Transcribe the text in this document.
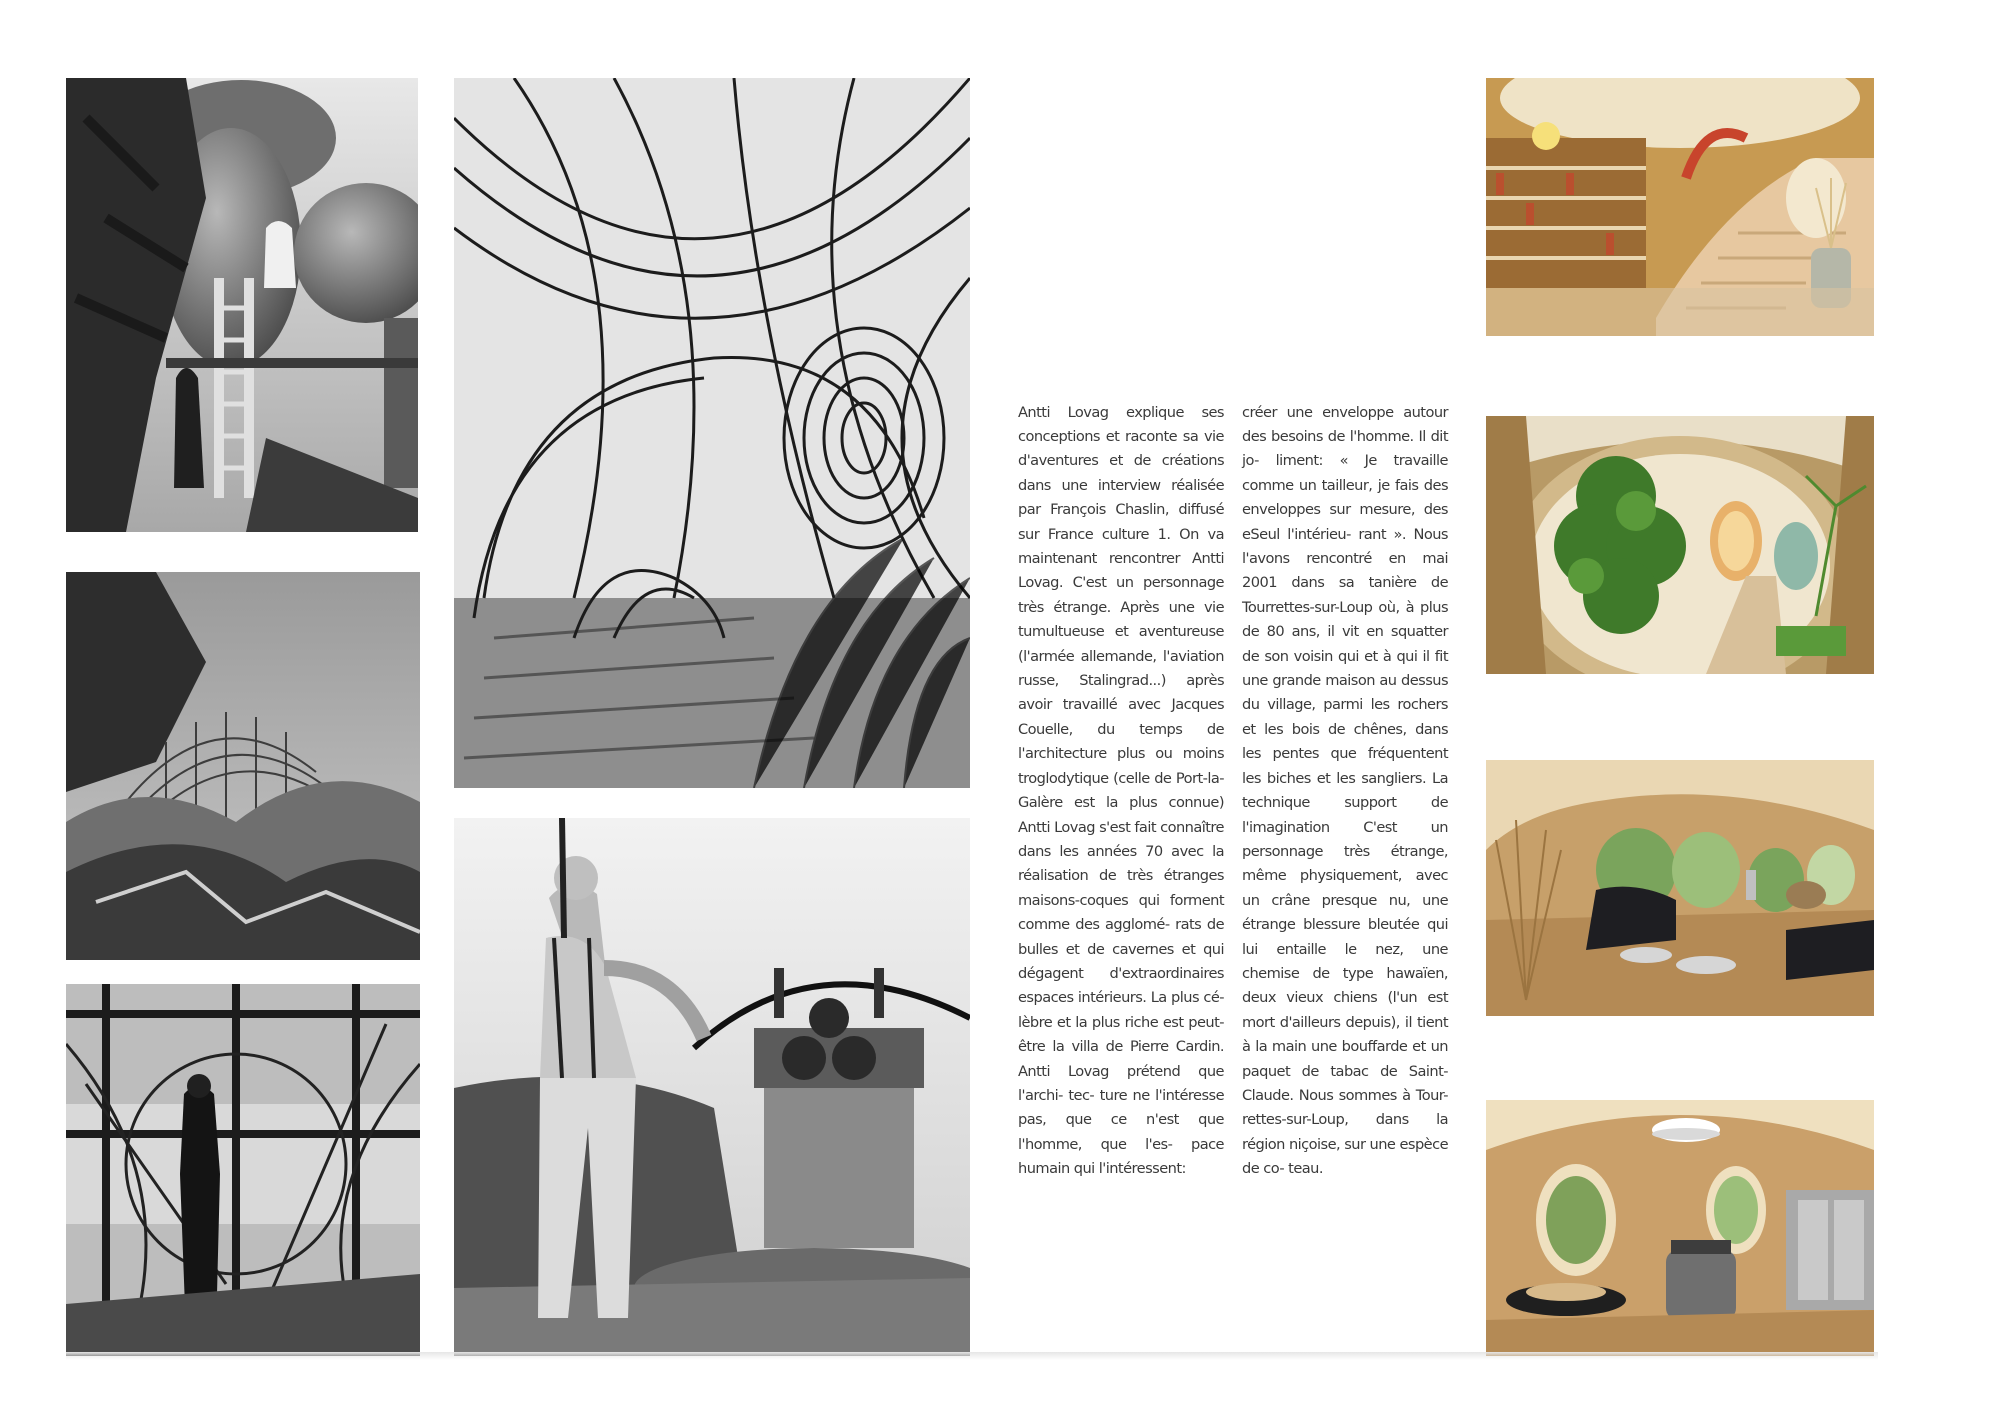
Antti Lovag explique ses conceptions et raconte sa vie d'aventures et de créations dans une interview réalisée par François Chaslin, diffusé sur France culture 1. On va maintenant rencontrer Antti Lovag. C'est un personnage très étrange. Après une vie tumultueuse et aventureuse (l'armée allemande, l'aviation russe, Stalingrad...) après avoir travaillé avec Jacques Couelle, du temps de l'architecture plus ou moins troglodytique (celle de Port-la-Galère est la plus connue) Antti Lovag s'est fait connaître dans les années 70 avec la réalisation de très étranges maisons-coques qui forment comme des agglomé- rats de bulles et de cavernes et qui dégagent d'extraordinaires espaces intérieurs. La plus cé- lèbre et la plus riche est peut- être la villa de Pierre Cardin. Antti Lovag prétend que l'archi- tec- ture ne l'intéresse pas, que ce n'est que l'homme, que l'es- pace humain qui l'intéressent:

créer une enveloppe autour des besoins de l'homme. Il dit jo- liment: « Je travaille comme un tailleur, je fais des enveloppes sur mesure, des eSeul l'intérieu- rant ». Nous l'avons rencontré en mai 2001 dans sa tanière de Tourrettes-sur-Loup où, à plus de 80 ans, il vit en squatter de son voisin qui et à qui il fit une grande maison au dessus du village, parmi les rochers et les bois de chênes, dans les pentes que fréquentent les biches et les sangliers. La technique support de l'imagination C'est un personnage très étrange, même physiquement, avec un crâne presque nu, une étrange blessure bleutée qui lui entaille le nez, une chemise de type hawaïen, deux vieux chiens (l'un est mort d'ailleurs depuis), il tient à la main une bouffarde et un paquet de tabac de Saint- Claude. Nous sommes à Tour- rettes-sur-Loup, dans la région niçoise, sur une espèce de co- teau.
